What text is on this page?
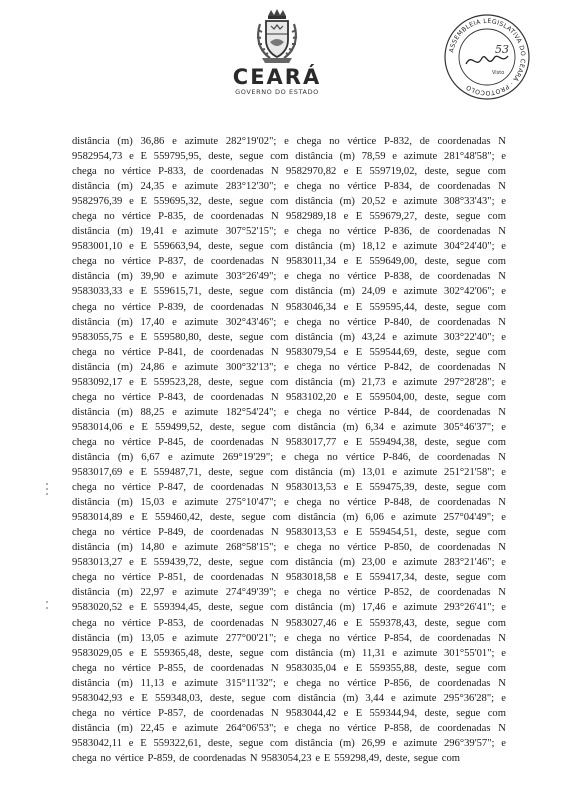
CEARÁ
GOVERNO DO ESTADO
ASSEMBLEIA LEGISLATIVA DO CEARÁ · PROTOCOLO
53
Visto
distância (m) 36,86 e azimute 282°19'02"; e chega no vértice P-832, de coordenadas N
9582954,73 e E 559795,95, deste, segue com distância (m) 78,59 e azimute 281°48'58"; e
chega no vértice P-833, de coordenadas N 9582970,82 e E 559719,02, deste, segue com
distância (m) 24,35 e azimute 283°12'30"; e chega no vértice P-834, de coordenadas N
9582976,39 e E 559695,32, deste, segue com distância (m) 20,52 e azimute 308°33'43"; e
chega no vértice P-835, de coordenadas N 9582989,18 e E 559679,27, deste, segue com
distância (m) 19,41 e azimute 307°52'15"; e chega no vértice P-836, de coordenadas N
9583001,10 e E 559663,94, deste, segue com distância (m) 18,12 e azimute 304°24'40"; e
chega no vértice P-837, de coordenadas N 9583011,34 e E 559649,00, deste, segue com
distância (m) 39,90 e azimute 303°26'49"; e chega no vértice P-838, de coordenadas N
9583033,33 e E 559615,71, deste, segue com distância (m) 24,09 e azimute 302°42'06"; e
chega no vértice P-839, de coordenadas N 9583046,34 e E 559595,44, deste, segue com
distância (m) 17,40 e azimute 302°43'46"; e chega no vértice P-840, de coordenadas N
9583055,75 e E 559580,80, deste, segue com distância (m) 43,24 e azimute 303°22'40"; e
chega no vértice P-841, de coordenadas N 9583079,54 e E 559544,69, deste, segue com
distância (m) 24,86 e azimute 300°32'13"; e chega no vértice P-842, de coordenadas N
9583092,17 e E 559523,28, deste, segue com distância (m) 21,73 e azimute 297°28'28"; e
chega no vértice P-843, de coordenadas N 9583102,20 e E 559504,00, deste, segue com
distância (m) 88,25 e azimute 182°54'24"; e chega no vértice P-844, de coordenadas N
9583014,06 e E 559499,52, deste, segue com distância (m) 6,34 e azimute 305°46'37"; e
chega no vértice P-845, de coordenadas N 9583017,77 e E 559494,38, deste, segue com
distância (m) 6,67 e azimute 269°19'29"; e chega no vértice P-846, de coordenadas N
9583017,69 e E 559487,71, deste, segue com distância (m) 13,01 e azimute 251°21'58"; e
chega no vértice P-847, de coordenadas N 9583013,53 e E 559475,39, deste, segue com
distância (m) 15,03 e azimute 275°10'47"; e chega no vértice P-848, de coordenadas N
9583014,89 e E 559460,42, deste, segue com distância (m) 6,06 e azimute 257°04'49"; e
chega no vértice P-849, de coordenadas N 9583013,53 e E 559454,51, deste, segue com
distância (m) 14,80 e azimute 268°58'15"; e chega no vértice P-850, de coordenadas N
9583013,27 e E 559439,72, deste, segue com distância (m) 23,00 e azimute 283°21'46"; e
chega no vértice P-851, de coordenadas N 9583018,58 e E 559417,34, deste, segue com
distância (m) 22,97 e azimute 274°49'39"; e chega no vértice P-852, de coordenadas N
9583020,52 e E 559394,45, deste, segue com distância (m) 17,46 e azimute 293°26'41"; e
chega no vértice P-853, de coordenadas N 9583027,46 e E 559378,43, deste, segue com
distância (m) 13,05 e azimute 277°00'21"; e chega no vértice P-854, de coordenadas N
9583029,05 e E 559365,48, deste, segue com distância (m) 11,31 e azimute 301°55'01"; e
chega no vértice P-855, de coordenadas N 9583035,04 e E 559355,88, deste, segue com
distância (m) 11,13 e azimute 315°11'32"; e chega no vértice P-856, de coordenadas N
9583042,93 e E 559348,03, deste, segue com distância (m) 3,44 e azimute 295°36'28"; e
chega no vértice P-857, de coordenadas N 9583044,42 e E 559344,94, deste, segue com
distância (m) 22,45 e azimute 264°06'53"; e chega no vértice P-858, de coordenadas N
9583042,11 e E 559322,61, deste, segue com distância (m) 26,99 e azimute 296°39'57"; e
chega no vértice P-859, de coordenadas N 9583054,23 e E 559298,49, deste, segue com
